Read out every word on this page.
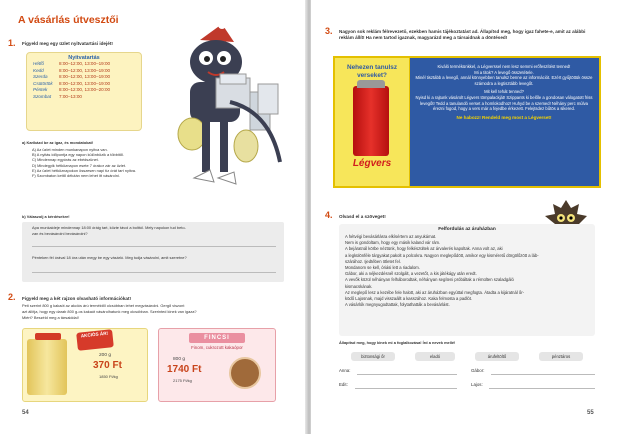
A vásárlás útvesztői
1. Figyeld meg egy üzlet nyitvatartási idejét!
Nyitvatartás
Hétfő	8:00–12:00, 13:00–19:00
Kedd	8:00–12:00, 13:00–19:00
Szerda	8:00–12:00, 13:00–19:00
Csütörtök	8:00–12:00, 13:00–19:00
Péntek	8:00–12:00, 13:00–20:00
Szombat	7:00–13:00
a) Karikázd be az igaz, és mondatokat!
A) Az üzlet minden munkanapon nyitva van.
B) A nyitás időpontja egy napon különbözik a többitől.
C) Mindennap egyórás az ebédszünet.
D) Mindegyik hétköznapon esete 7 órakor zár az üzlet.
E) Az üzlet hétköznapokon összesen napi tíz órát tart nyitva.
F) Szombaton kettő délután nem lehet itt vásárolni.
b) Válaszolj a kérdésekre!
Apa munkaideje mindennap 18:00 óráig tart, közte távol a bolttól. Mely napokon tud beto-
zan és bevásárolni bevásárolni?
Pénteken fél órával 18 óra után megy be egy vásárló. Meg tudja vásárolni, amit szeretne?
2. Figyeld meg a két rajzon olvasható információkat!
Peti szerint 800 g kakaót az akciós árú terméktől olcsóbban lehet megvásárolni. Gergő viszont
azt állítja, hogy egy darab 800 g-os kakaót vásárolhatunk meg olcsóbban. Szerinted kinek van igaza?
Miért? Beszéld meg a társaiddal!
AKCIÓS ÁR!
200 g
370 Ft
1850 Ft/kg
FINCSI
Finom, cukrozott kakaópor
800 g
1740 Ft
2175 Ft/kg
54
3. Nagyon sok reklám félrevezető, ezekben hamis tájékoztatást ad. Állapítsd meg, hogy igaz fahete-e, amit az alábbi reklám állít! Ha nem tartod igaznak, magyarázd meg a társaidnak a döntésed!
Nehezen tanulsz verseket?
Légvers
Kiváló termékünkkel, a Légverssel nem lesz semmi erőfeszítést tenned!
Mi a titok? A levegő összetétele.
Minél tisztább a levegő, annál könnyebben tanulsz benne az információt. Ezért gyűjtöttük össze számodra a legtisztább levegőt.
Mit kell tehát tenned?
Nyisd ki a rajtunk vásárolt Légvers tömpalackját! Szippants ki belőle a gondosan válogatott friss levegőt! Tedd a tanulandó verset a homlokodhoz! Huhyd be a szemed! Néhány perc múlva érezni fogod, hogy a vers már a fejedbe érkezett. Felejtsdez bűtös a sikered.
Ne habozz! Rendeld meg most a Légverset!
4. Olvasd el a szöveget!
Felfordulás az áruházban
A hétvégi bevásárlásra elkísértem az anyukámat.
Nem is gondoltam, hogy egy másik kaland vár rám.
A bejáratnál körbe néztünk, hogy felkészültek az árvalerés kapoltak. Anna volt az, aki
a legkülönféle tárgyakat pakolt a polcokra. Nagyon meglepődött, amikor egy kisméretű dörgölőzött a láb-
szárához. Ijedtében ötletet fel.
Mondanom se kell, óriási lett a riadalom.
Gábor, aki a néjkezdésnél szolgált, a vezetőt, a kis játékágy után eredt.
A vevők közül néhányan felháborodtak, néhányan segíteni próbáltak a rémülten szaladgáló
kismacskának.
Az meglepő lesz a kezébe fele halott, aki az áruházban egyúttal megfogta. Átadta a kijáratnál őr-
ködő Lajosnak, majd visszaállt a kasszához. Kaka felmosta a padlót.
A vásárlók megnyugodtattak, folytathatták a bevásárlást.
Állapítsd meg, hogy kinek mi a foglalkozása! Írd a nevek mellé!
biztonsági őr	eladó	árufeltöltő	pénztáros
Anna:	Gábor:
Edit:	Lajos:
55
